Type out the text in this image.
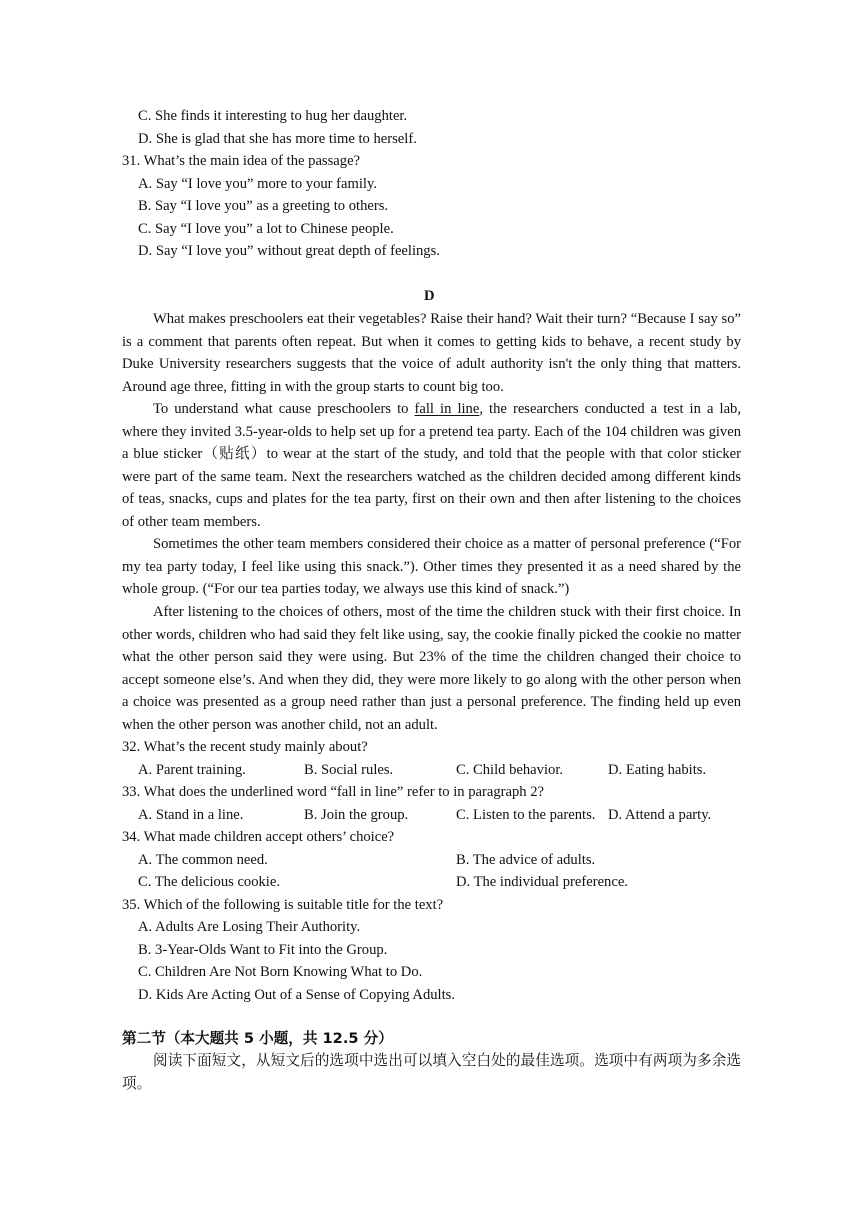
C. She finds it interesting to hug her daughter.
D. She is glad that she has more time to herself.
31. What’s the main idea of the passage?
A. Say “I love you” more to your family.
B. Say “I love you” as a greeting to others.
C. Say “I love you” a lot to Chinese people.
D. Say “I love you” without great depth of feelings.
D
What makes preschoolers eat their vegetables? Raise their hand? Wait their turn? “Because I say so” is a comment that parents often repeat. But when it comes to getting kids to behave, a recent study by Duke University researchers suggests that the voice of adult authority isn't the only thing that matters. Around age three, fitting in with the group starts to count big too.
To understand what cause preschoolers to fall in line, the researchers conducted a test in a lab, where they invited 3.5-year-olds to help set up for a pretend tea party. Each of the 104 children was given a blue sticker（贴纸）to wear at the start of the study, and told that the people with that color sticker were part of the same team. Next the researchers watched as the children decided among different kinds of teas, snacks, cups and plates for the tea party, first on their own and then after listening to the choices of other team members.
Sometimes the other team members considered their choice as a matter of personal preference (“For my tea party today, I feel like using this snack.”). Other times they presented it as a need shared by the whole group. (“For our tea parties today, we always use this kind of snack.”)
After listening to the choices of others, most of the time the children stuck with their first choice. In other words, children who had said they felt like using, say, the cookie finally picked the cookie no matter what the other person said they were using. But 23% of the time the children changed their choice to accept someone else’s. And when they did, they were more likely to go along with the other person when a choice was presented as a group need rather than just a personal preference. The finding held up even when the other person was another child, not an adult.
32. What’s the recent study mainly about?
A. Parent training.	B. Social rules.	C. Child behavior.	D. Eating habits.
33. What does the underlined word “fall in line” refer to in paragraph 2?
A. Stand in a line.	B. Join the group.	C. Listen to the parents. D. Attend a party.
34. What made children accept others’ choice?
A. The common need.	B. The advice of adults.
C. The delicious cookie.	D. The individual preference.
35. Which of the following is suitable title for the text?
A. Adults Are Losing Their Authority.
B. 3-Year-Olds Want to Fit into the Group.
C. Children Are Not Born Knowing What to Do.
D. Kids Are Acting Out of a Sense of Copying Adults.
第二节（本大题共 5 小题，共 12.5 分）
阅读下面短文，从短文后的选项中选出可以填入空白处的最佳选项。选项中有两项为多余选项。
